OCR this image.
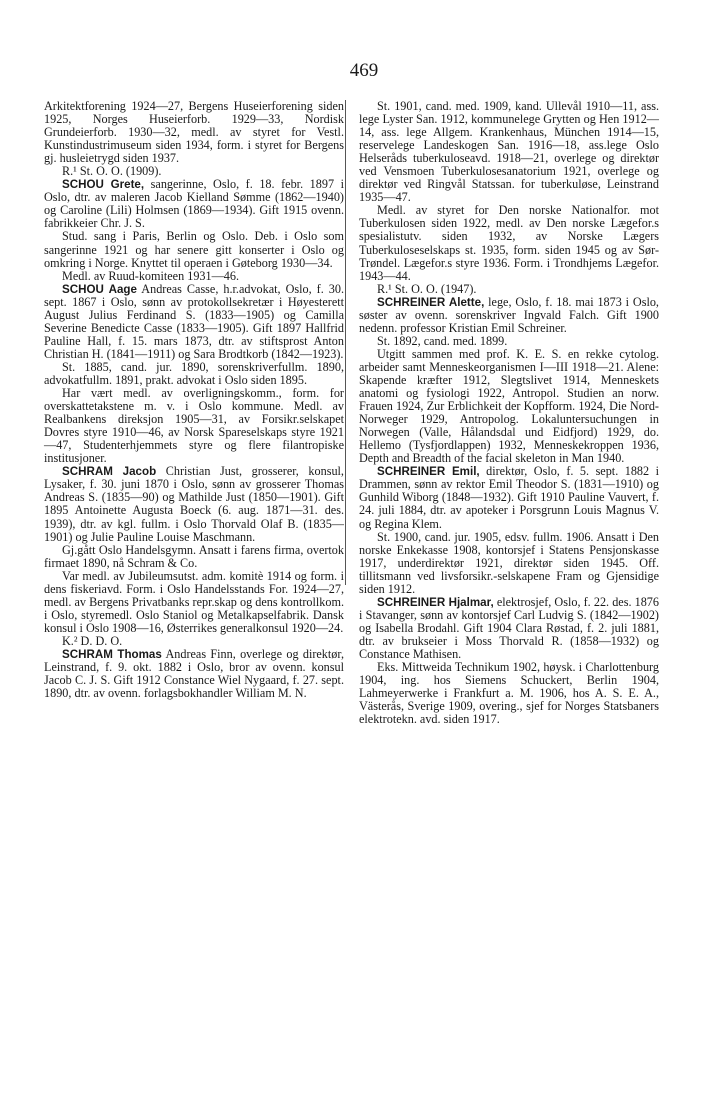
469

Arkitektforening 1924—27, Bergens Huseierforening siden 1925, Norges Huseierforb. 1929—33, Nordisk Grundeierforb. 1930—32, medl. av styret for Vestl. Kunstindustrimuseum siden 1934, form. i styret for Bergens gj. husleietrygd siden 1937.

R.¹ St. O. O. (1909).

SCHOU Grete, sangerinne, Oslo, f. 18. febr. 1897 i Oslo, dtr. av maleren Jacob Kielland Sømme (1862—1940) og Caroline (Lili) Holmsen (1869—1934). Gift 1915 ovenn. fabrikkeier Chr. J. S.

Stud. sang i Paris, Berlin og Oslo. Deb. i Oslo som sangerinne 1921 og har senere gitt konserter i Oslo og omkring i Norge. Knyttet til operaen i Gøteborg 1930—34.

Medl. av Ruud-komiteen 1931—46.

SCHOU Aage Andreas Casse, h.r.advokat, Oslo, f. 30. sept. 1867 i Oslo, sønn av protokollsekretær i Høyesterett August Julius Ferdinand S. (1833—1905) og Camilla Severine Benedicte Casse (1833—1905). Gift 1897 Hallfrid Pauline Hall, f. 15. mars 1873, dtr. av stiftsprost Anton Christian H. (1841—1911) og Sara Brodtkorb (1842—1923).

St. 1885, cand. jur. 1890, sorenskriverfullm. 1890, advokatfullm. 1891, prakt. advokat i Oslo siden 1895.

Har vært medl. av overligningskomm., form. for overskattetakstene m. v. i Oslo kommune. Medl. av Realbankens direksjon 1905—31, av Forsikr.selskapet Dovres styre 1910—46, av Norsk Spareselskaps styre 1921—47, Studenterhjemmets styre og flere filantropiske institusjoner.

SCHRAM Jacob Christian Just, grosserer, konsul, Lysaker, f. 30. juni 1870 i Oslo, sønn av grosserer Thomas Andreas S. (1835—90) og Mathilde Just (1850—1901). Gift 1895 Antoinette Augusta Boeck (6. aug. 1871—31. des. 1939), dtr. av kgl. fullm. i Oslo Thorvald Olaf B. (1835—1901) og Julie Pauline Louise Maschmann.

Gj.gått Oslo Handelsgymn. Ansatt i farens firma, overtok firmaet 1890, nå Schram & Co.

Var medl. av Jubileumsutst. adm. komitè 1914 og form. i dens fiskeriavd. Form. i Oslo Handelsstands For. 1924—27, medl. av Bergens Privatbanks repr.skap og dens kontrollkom. i Oslo, styremedl. Oslo Staniol og Metalkapselfabrik. Dansk konsul i Oslo 1908—16, Østerrikes generalkonsul 1920—24.

K.² D. D. O.

SCHRAM Thomas Andreas Finn, overlege og direktør, Leinstrand, f. 9. okt. 1882 i Oslo, bror av ovenn. konsul Jacob C. J. S. Gift 1912 Constance Wiel Nygaard, f. 27. sept. 1890, dtr. av ovenn. forlagsbokhandler William M. N.

St. 1901, cand. med. 1909, kand. Ullevål 1910—11, ass. lege Lyster San. 1912, kommunelege Grytten og Hen 1912—14, ass. lege Allgem. Krankenhaus, München 1914—15, reservelege Landeskogen San. 1916—18, ass.lege Oslo Helseråds tuberkuloseavd. 1918—21, overlege og direktør ved Vensmoen Tuberkulosesanatorium 1921, overlege og direktør ved Ringvål Statssan. for tuberkuløse, Leinstrand 1935—47.

Medl. av styret for Den norske Nationalfor. mot Tuberkulosen siden 1922, medl. av Den norske Lægefor.s spesialistutv. siden 1932, av Norske Lægers Tuberkuloseselskaps st. 1935, form. siden 1945 og av Sør-Trøndel. Lægefor.s styre 1936. Form. i Trondhjems Lægefor. 1943—44.

R.¹ St. O. O. (1947).

SCHREINER Alette, lege, Oslo, f. 18. mai 1873 i Oslo, søster av ovenn. sorenskriver Ingvald Falch. Gift 1900 nedenn. professor Kristian Emil Schreiner.

St. 1892, cand. med. 1899.

Utgitt sammen med prof. K. E. S. en rekke cytolog. arbeider samt Menneskeorganismen I—III 1918—21. Alene: Skapende kræfter 1912, Slegtslivet 1914, Menneskets anatomi og fysiologi 1922, Antropol. Studien an norw. Frauen 1924, Zur Erblichkeit der Kopfform. 1924, Die Nord-Norweger 1929, Antropolog. Lokaluntersuchungen in Norwegen (Valle, Hålandsdal und Eidfjord) 1929, do. Hellemo (Tysfjordlappen) 1932, Menneskekroppen 1936, Depth and Breadth of the facial skeleton in Man 1940.

SCHREINER Emil, direktør, Oslo, f. 5. sept. 1882 i Drammen, sønn av rektor Emil Theodor S. (1831—1910) og Gunhild Wiborg (1848—1932). Gift 1910 Pauline Vauvert, f. 24. juli 1884, dtr. av apoteker i Porsgrunn Louis Magnus V. og Regina Klem.

St. 1900, cand. jur. 1905, edsv. fullm. 1906. Ansatt i Den norske Enkekasse 1908, kontorsjef i Statens Pensjonskasse 1917, underdirektør 1921, direktør siden 1945. Off. tillitsmann ved livsforsikr.-selskapene Fram og Gjensidige siden 1912.

SCHREINER Hjalmar, elektrosjef, Oslo, f. 22. des. 1876 i Stavanger, sønn av kontorsjef Carl Ludvig S. (1842—1902) og Isabella Brodahl. Gift 1904 Clara Røstad, f. 2. juli 1881, dtr. av brukseier i Moss Thorvald R. (1858—1932) og Constance Mathisen.

Eks. Mittweida Technikum 1902, høysk. i Charlottenburg 1904, ing. hos Siemens Schuckert, Berlin 1904, Lahmeyerwerke i Frankfurt a. M. 1906, hos A. S. E. A., Västerås, Sverige 1909, overing., sjef for Norges Statsbaners elektrotekn. avd. siden 1917.
